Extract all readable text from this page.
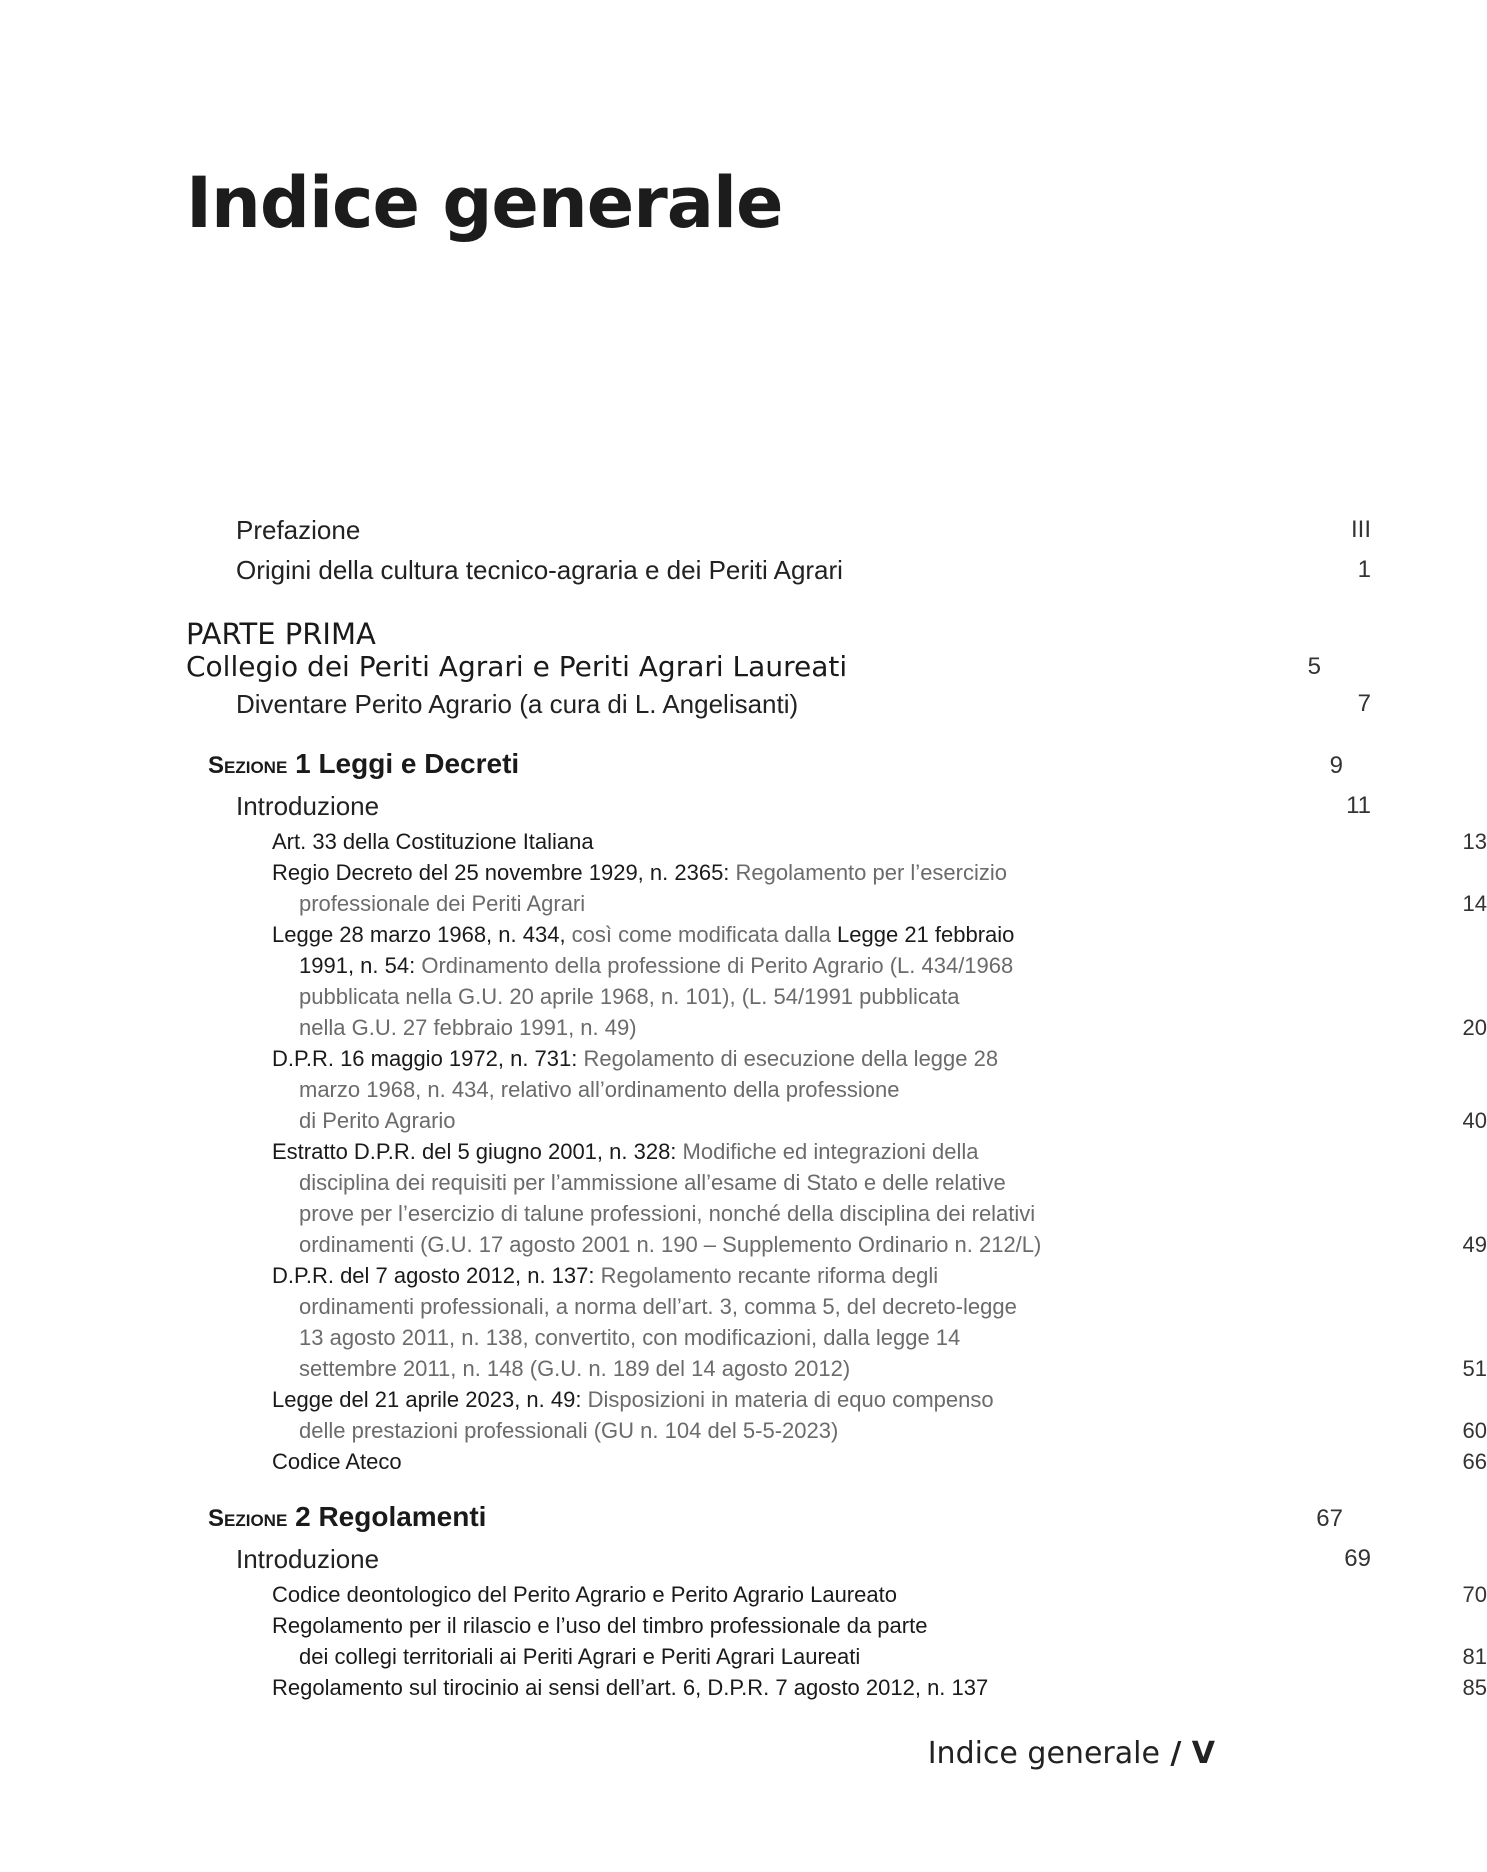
Indice generale
Prefazione	III
Origini della cultura tecnico-agraria e dei Periti Agrari	1
PARTE PRIMA
Collegio dei Periti Agrari e Periti Agrari Laureati	5
Diventare Perito Agrario (a cura di L. Angelisanti)	7
Sezione 1 Leggi e Decreti	9
Introduzione	11
Art. 33 della Costituzione Italiana	13
Regio Decreto del 25 novembre 1929, n. 2365: Regolamento per l’esercizio
professionale dei Periti Agrari	14
Legge 28 marzo 1968, n. 434, così come modificata dalla Legge 21 febbraio
1991, n. 54: Ordinamento della professione di Perito Agrario (L. 434/1968
pubblicata nella G.U. 20 aprile 1968, n. 101), (L. 54/1991 pubblicata
nella G.U. 27 febbraio 1991, n. 49)	20
D.P.R. 16 maggio 1972, n. 731: Regolamento di esecuzione della legge 28
marzo 1968, n. 434, relativo all’ordinamento della professione
di Perito Agrario	40
Estratto D.P.R. del 5 giugno 2001, n. 328: Modifiche ed integrazioni della
disciplina dei requisiti per l’ammissione all’esame di Stato e delle relative
prove per l’esercizio di talune professioni, nonché della disciplina dei relativi
ordinamenti (G.U. 17 agosto 2001 n. 190 – Supplemento Ordinario n. 212/L)	49
D.P.R. del 7 agosto 2012, n. 137: Regolamento recante riforma degli
ordinamenti professionali, a norma dell’art. 3, comma 5, del decreto-legge
13 agosto 2011, n. 138, convertito, con modificazioni, dalla legge 14
settembre 2011, n. 148 (G.U. n. 189 del 14 agosto 2012)	51
Legge del 21 aprile 2023, n. 49: Disposizioni in materia di equo compenso
delle prestazioni professionali (GU n. 104 del 5-5-2023)	60
Codice Ateco	66
Sezione 2 Regolamenti	67
Introduzione	69
Codice deontologico del Perito Agrario e Perito Agrario Laureato	70
Regolamento per il rilascio e l’uso del timbro professionale da parte
dei collegi territoriali ai Periti Agrari e Periti Agrari Laureati	81
Regolamento sul tirocinio ai sensi dell’art. 6, D.P.R. 7 agosto 2012, n. 137	85
Indice generale / V
